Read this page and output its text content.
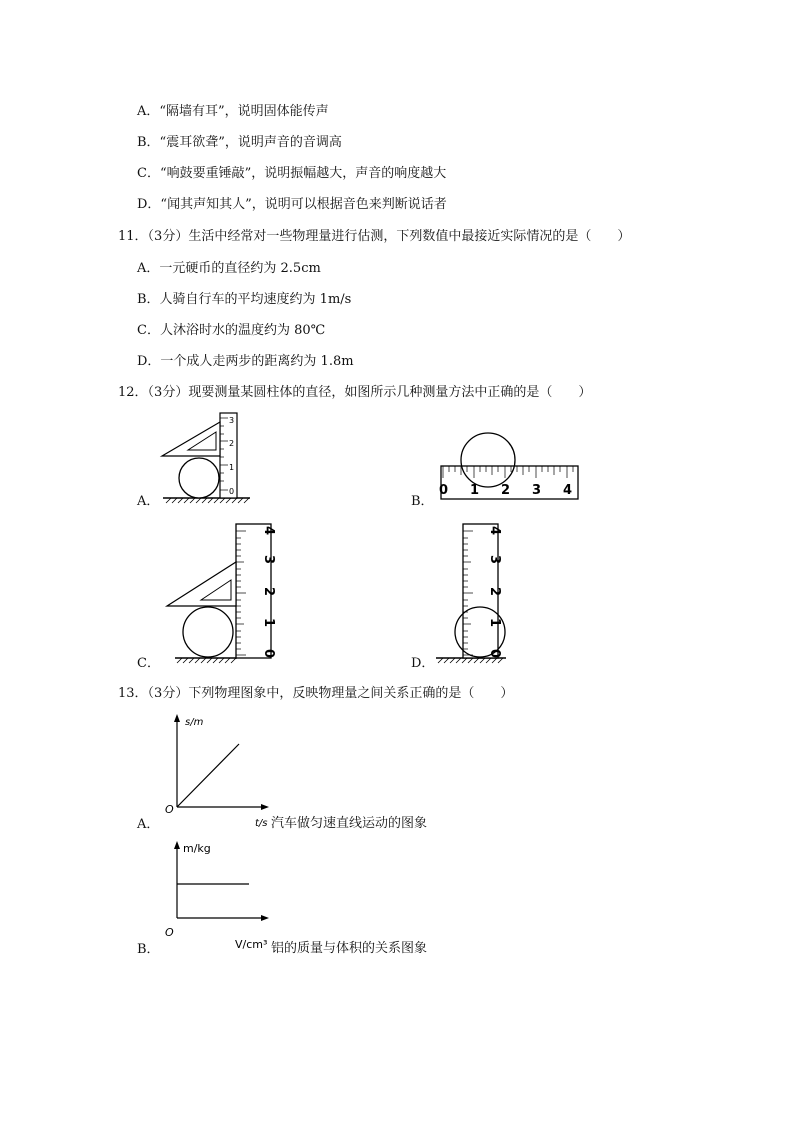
A．“隔墙有耳”，说明固体能传声
B．“震耳欲聋”，说明声音的音调高
C．“响鼓要重锤敲”，说明振幅越大，声音的响度越大
D．“闻其声知其人”，说明可以根据音色来判断说话者
11．（3分）生活中经常对一些物理量进行估测，下列数值中最接近实际情况的是（　　）
A．一元硬币的直径约为 2.5cm
B．人骑自行车的平均速度约为 1m/s
C．人沐浴时水的温度约为 80℃
D．一个成人走两步的距离约为 1.8m
12．（3分）现要测量某圆柱体的直径，如图所示几种测量方法中正确的是（　　）
A．
3
2
1
0
B．
0 1 2 3 4
C．
4
3
2
1
0
D．
4
3
2
1
0
13．（3分）下列物理图象中，反映物理量之间关系正确的是（　　）
A．
s/m
O
t/s 汽车做匀速直线运动的图象
B．
m/kg
O
V/cm³ 铝的质量与体积的关系图象
